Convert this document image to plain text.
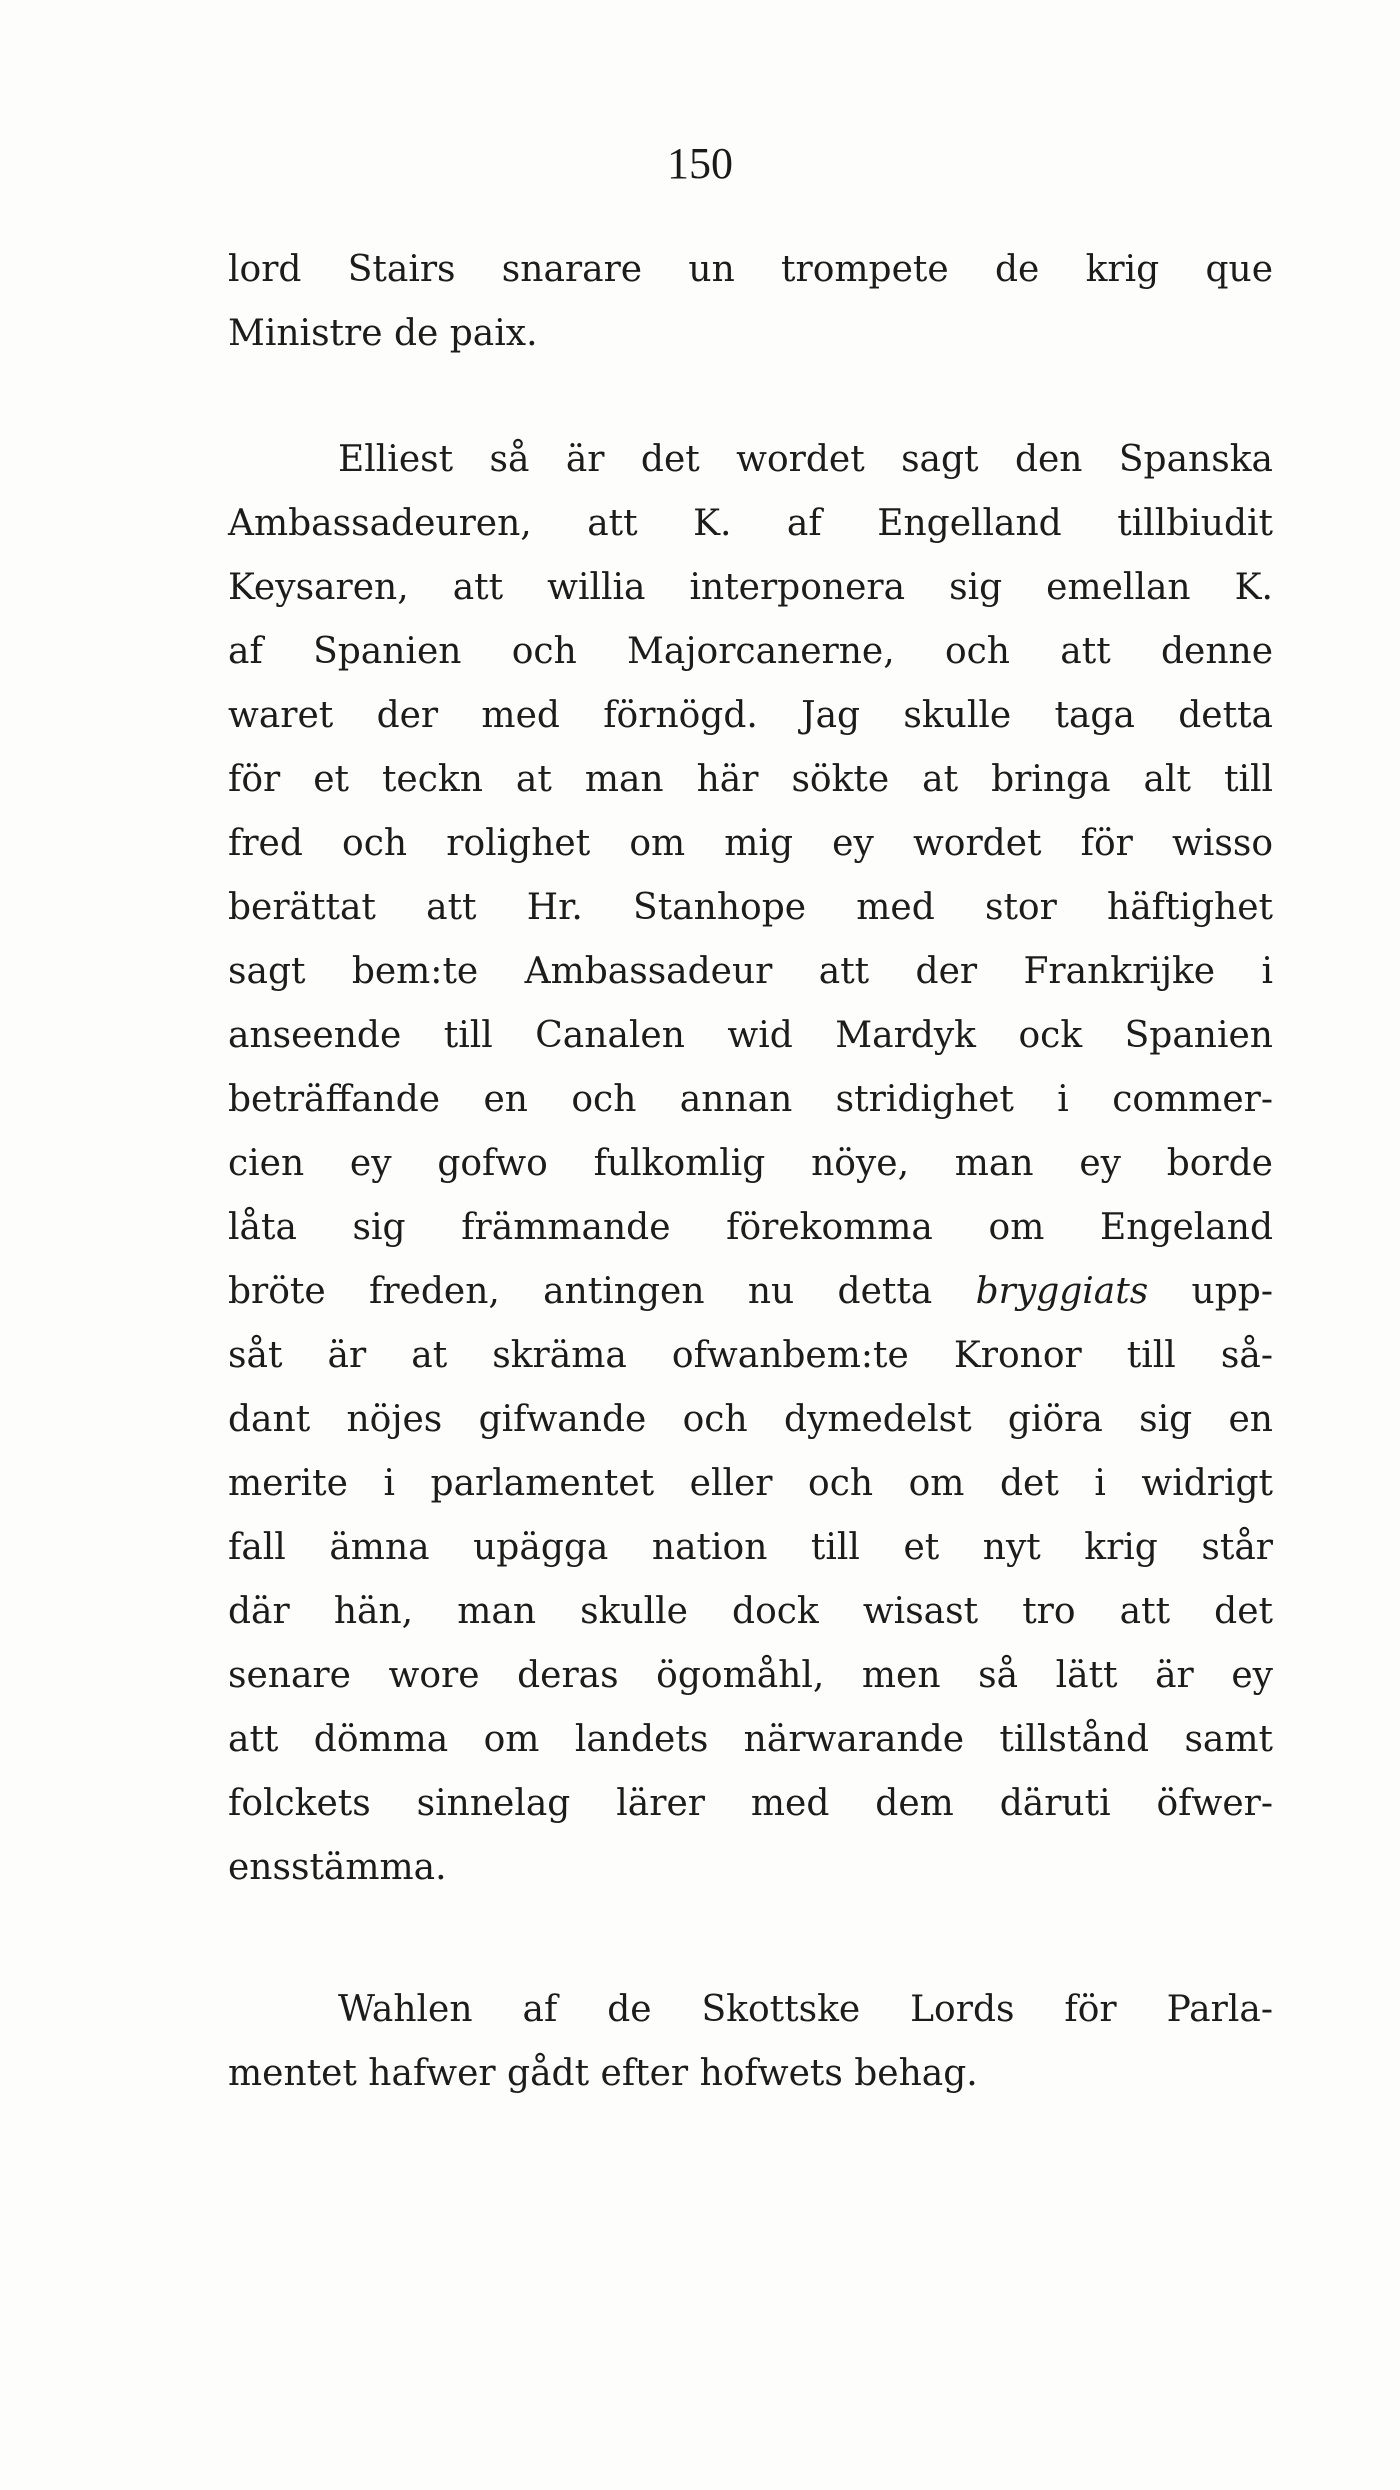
150
lord Stairs snarare un trompete de krig que
Ministre de paix.
Elliest så är det wordet sagt den Spanska
Ambassadeuren, att K. af Engelland tillbiudit
Keysaren, att willia interponera sig emellan K.
af Spanien och Majorcanerne, och att denne
waret der med förnögd. Jag skulle taga detta
för et teckn at man här sökte at bringa alt till
fred och rolighet om mig ey wordet för wisso
berättat att Hr. Stanhope med stor häftighet
sagt bem:te Ambassadeur att der Frankrijke i
anseende till Canalen wid Mardyk ock Spanien
beträffande en och annan stridighet i commer-
cien ey gofwo fulkomlig nöye, man ey borde
låta sig främmande förekomma om Engeland
bröte freden, antingen nu detta bryggiats upp-
såt är at skräma ofwanbem:te Kronor till så-
dant nöjes gifwande och dymedelst giöra sig en
merite i parlamentet eller och om det i widrigt
fall ämna upägga nation till et nyt krig står
där hän, man skulle dock wisast tro att det
senare wore deras ögomåhl, men så lätt är ey
att dömma om landets närwarande tillstånd samt
folckets sinnelag lärer med dem däruti öfwer-
ensstämma.
Wahlen af de Skottske Lords för Parla-
mentet hafwer gådt efter hofwets behag.
